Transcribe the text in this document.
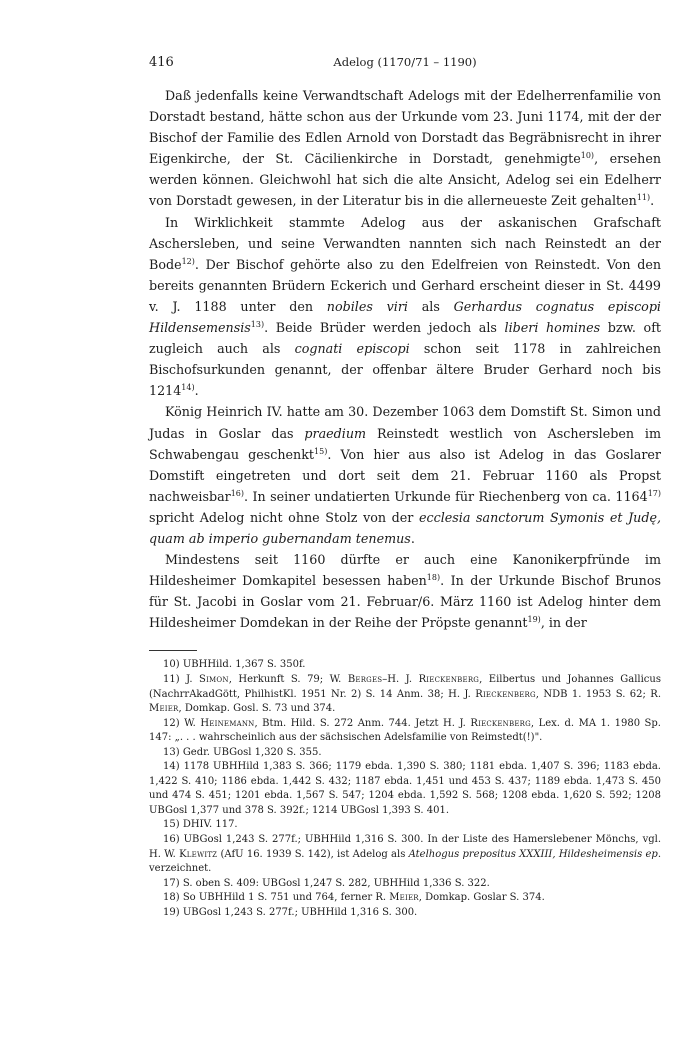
416	Adelog (1170/71 – 1190)

Daß jedenfalls keine Verwandtschaft Adelogs mit der Edelherrenfamilie von Dorstadt bestand, hätte schon aus der Urkunde vom 23. Juni 1174, mit der der Bischof der Familie des Edlen Arnold von Dorstadt das Begräbnisrecht in ihrer Eigenkirche, der St. Cäcilienkirche in Dorstadt, genehmigte$^{10)}$, ersehen werden können. Gleichwohl hat sich die alte Ansicht, Adelog sei ein Edelherr von Dorstadt gewesen, in der Literatur bis in die allerneueste Zeit gehalten$^{11)}$.

In Wirklichkeit stammte Adelog aus der askanischen Grafschaft Aschersleben, und seine Verwandten nannten sich nach Reinstedt an der Bode$^{12)}$. Der Bischof gehörte also zu den Edelfreien von Reinstedt. Von den bereits genannten Brüdern Eckerich und Gerhard erscheint dieser in St. 4499 v. J. 1188 unter den nobiles viri als Gerhardus cognatus episcopi Hildensemensis$^{13)}$. Beide Brüder werden jedoch als liberi homines bzw. oft zugleich auch als cognati episcopi schon seit 1178 in zahlreichen Bischofsurkunden genannt, der offenbar ältere Bruder Gerhard noch bis 1214$^{14)}$.

König Heinrich IV. hatte am 30. Dezember 1063 dem Domstift St. Simon und Judas in Goslar das praedium Reinstedt westlich von Aschersleben im Schwabengau geschenkt$^{15)}$. Von hier aus also ist Adelog in das Goslarer Domstift eingetreten und dort seit dem 21. Februar 1160 als Propst nachweisbar$^{16)}$. In seiner undatierten Urkunde für Riechenberg von ca. 1164$^{17)}$ spricht Adelog nicht ohne Stolz von der ecclesia sanctorum Symonis et Judę, quam ab imperio gubernandam tenemus.

Mindestens seit 1160 dürfte er auch eine Kanonikerpfründe im Hildesheimer Domkapitel besessen haben$^{18)}$. In der Urkunde Bischof Brunos für St. Jacobi in Goslar vom 21. Februar/6. März 1160 ist Adelog hinter dem Hildesheimer Domdekan in der Reihe der Pröpste genannt$^{19)}$, in der

10) UBHHild. 1,367 S. 350f.

11) J. Simon, Herkunft S. 79; W. Berges–H. J. Rieckenberg, Eilbertus und Johannes Gallicus (NachrrAkadGött, PhilhistKl. 1951 Nr. 2) S. 14 Anm. 38; H. J. Rieckenberg, NDB 1. 1953 S. 62; R. Meier, Domkap. Gosl. S. 73 und 374.

12) W. Heinemann, Btm. Hild. S. 272 Anm. 744. Jetzt H. J. Rieckenberg, Lex. d. MA 1. 1980 Sp. 147: „. . . wahrscheinlich aus der sächsischen Adelsfamilie von Reimstedt(!)".

13) Gedr. UBGosl 1,320 S. 355.

14) 1178 UBHHild 1,383 S. 366; 1179 ebda. 1,390 S. 380; 1181 ebda. 1,407 S. 396; 1183 ebda. 1,422 S. 410; 1186 ebda. 1,442 S. 432; 1187 ebda. 1,451 und 453 S. 437; 1189 ebda. 1,473 S. 450 und 474 S. 451; 1201 ebda. 1,567 S. 547; 1204 ebda. 1,592 S. 568; 1208 ebda. 1,620 S. 592; 1208 UBGosl 1,377 und 378 S. 392f.; 1214 UBGosl 1,393 S. 401.

15) DHIV. 117.

16) UBGosl 1,243 S. 277f.; UBHHild 1,316 S. 300. In der Liste des Hamerslebener Mönchs, vgl. H. W. Klewitz (AfU 16. 1939 S. 142), ist Adelog als Atelhogus prepositus XXXIII, Hildesheimensis ep. verzeichnet.

17) S. oben S. 409: UBGosl 1,247 S. 282, UBHHild 1,336 S. 322.

18) So UBHHild 1 S. 751 und 764, ferner R. Meier, Domkap. Goslar S. 374.

19) UBGosl 1,243 S. 277f.; UBHHild 1,316 S. 300.
